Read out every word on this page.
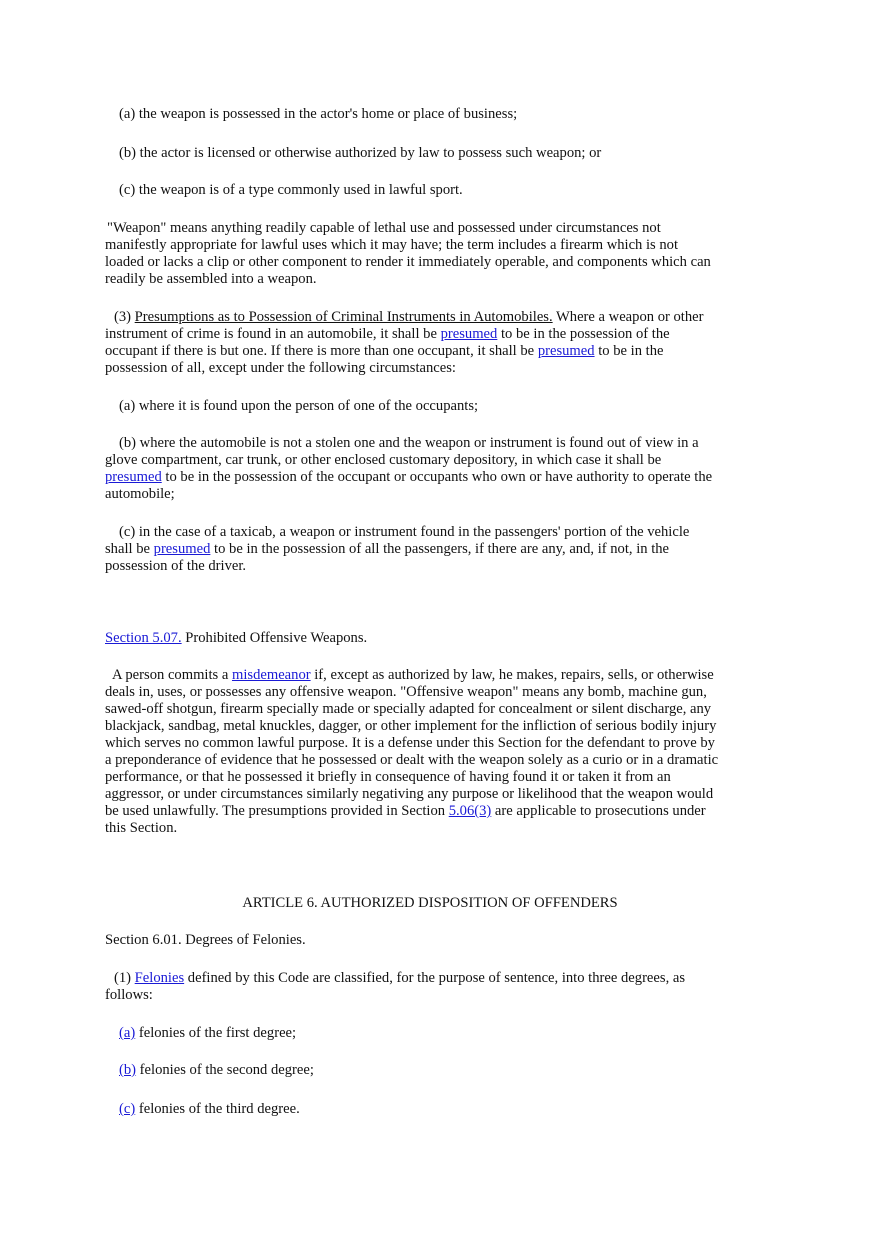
(a) the weapon is possessed in the actor's home or place of business;

(b) the actor is licensed or otherwise authorized by law to possess such weapon; or

(c) the weapon is of a type commonly used in lawful sport.

"Weapon" means anything readily capable of lethal use and possessed under circumstances not manifestly appropriate for lawful uses which it may have; the term includes a firearm which is not loaded or lacks a clip or other component to render it immediately operable, and components which can readily be assembled into a weapon.

(3) Presumptions as to Possession of Criminal Instruments in Automobiles. Where a weapon or other instrument of crime is found in an automobile, it shall be presumed to be in the possession of the occupant if there is but one. If there is more than one occupant, it shall be presumed to be in the possession of all, except under the following circumstances:

(a) where it is found upon the person of one of the occupants;

(b) where the automobile is not a stolen one and the weapon or instrument is found out of view in a glove compartment, car trunk, or other enclosed customary depository, in which case it shall be presumed to be in the possession of the occupant or occupants who own or have authority to operate the automobile;

(c) in the case of a taxicab, a weapon or instrument found in the passengers' portion of the vehicle shall be presumed to be in the possession of all the passengers, if there are any, and, if not, in the possession of the driver.

Section 5.07. Prohibited Offensive Weapons.

A person commits a misdemeanor if, except as authorized by law, he makes, repairs, sells, or otherwise deals in, uses, or possesses any offensive weapon. "Offensive weapon" means any bomb, machine gun, sawed-off shotgun, firearm specially made or specially adapted for concealment or silent discharge, any blackjack, sandbag, metal knuckles, dagger, or other implement for the infliction of serious bodily injury which serves no common lawful purpose. It is a defense under this Section for the defendant to prove by a preponderance of evidence that he possessed or dealt with the weapon solely as a curio or in a dramatic performance, or that he possessed it briefly in consequence of having found it or taken it from an aggressor, or under circumstances similarly negativing any purpose or likelihood that the weapon would be used unlawfully. The presumptions provided in Section 5.06(3) are applicable to prosecutions under this Section.

ARTICLE 6. AUTHORIZED DISPOSITION OF OFFENDERS

Section 6.01. Degrees of Felonies.

(1) Felonies defined by this Code are classified, for the purpose of sentence, into three degrees, as follows:

(a) felonies of the first degree;

(b) felonies of the second degree;

(c) felonies of the third degree.
